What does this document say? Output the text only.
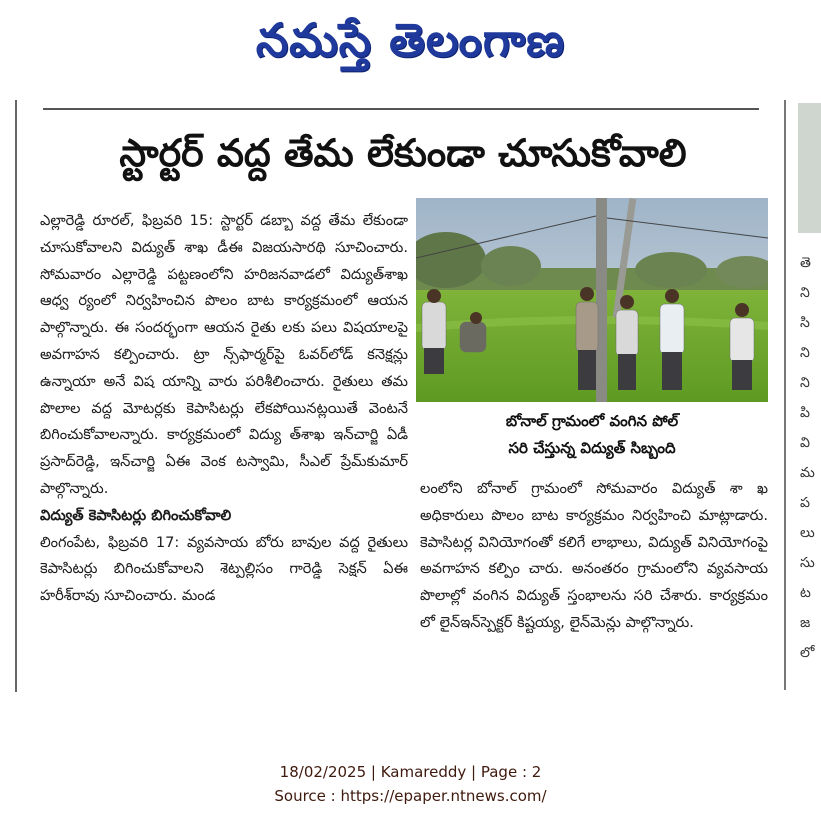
నమస్తే తెలంగాణ
తె
ని
సి
ని
ని
పి
వి
మ
ప
లు
సు
ట
జ
లో
స్టార్టర్ వద్ద తేమ లేకుండా చూసుకోవాలి

ఎల్లారెడ్డి రూరల్, ఫిబ్రవరి 15: స్టార్టర్ డబ్బా వద్ద తేమ లేకుండా చూసుకోవాలని విద్యుత్ శాఖ డీఈ విజయసారథి సూచించారు. సోమవారం ఎల్లారెడ్డి పట్టణంలోని హరిజనవాడలో విద్యుత్‌శాఖ ఆధ్వ ర్యంలో నిర్వహించిన పొలం బాట కార్యక్రమంలో ఆయన పాల్గొన్నారు. ఈ సందర్భంగా ఆయన రైతు లకు పలు విషయాలపై అవగాహన కల్పించారు. ట్రా న్స్‌ఫార్మర్‌పై ఓవర్‌లోడ్ కనెక్షన్లు ఉన్నాయా అనే విష యాన్ని వారు పరిశీలించారు. రైతులు తమ పొలాల వద్ద మోటర్లకు కెపాసిటర్లు లేకపోయినట్లయితే వెంటనే బిగించుకోవాలన్నారు. కార్యక్రమంలో విద్యు త్‌శాఖ ఇన్‌చార్జి ఏడీ ప్రసాద్‌రెడ్డి, ఇన్‌చార్జి ఏఈ వెంక టస్వామి, సీఎల్ ప్రేమ్‌కుమార్ పాల్గొన్నారు.

విద్యుత్ కెపాసిటర్లు బిగించుకోవాలి

లింగంపేట, ఫిబ్రవరి 17: వ్యవసాయ బోరు బావుల వద్ద రైతులు కెపాసిటర్లు బిగించుకోవాలని శెట్పల్లిసం గారెడ్డి సెక్షన్ ఏఈ హరీశ్‌రావు సూచించారు. మండ

బోనాల్ గ్రామంలో వంగిన పోల్
సరి చేస్తున్న విద్యుత్ సిబ్బంది

లంలోని బోనాల్ గ్రామంలో సోమవారం విద్యుత్ శా ఖ అధికారులు పొలం బాట కార్యక్రమం నిర్వహించి మాట్లాడారు. కెపాసిటర్ల వినియోగంతో కలిగే లాభాలు, విద్యుత్ వినియోగంపై అవగాహన కల్పిం చారు. అనంతరం గ్రామంలోని వ్యవసాయ పొలాల్లో వంగిన విద్యుత్ స్తంభాలను సరి చేశారు. కార్యక్రమం లో లైన్‌ఇన్‌స్పెక్టర్ కిష్టయ్య, లైన్‌మెన్లు పాల్గొన్నారు.

18/02/2025 | Kamareddy | Page : 2
Source : https://epaper.ntnews.com/
